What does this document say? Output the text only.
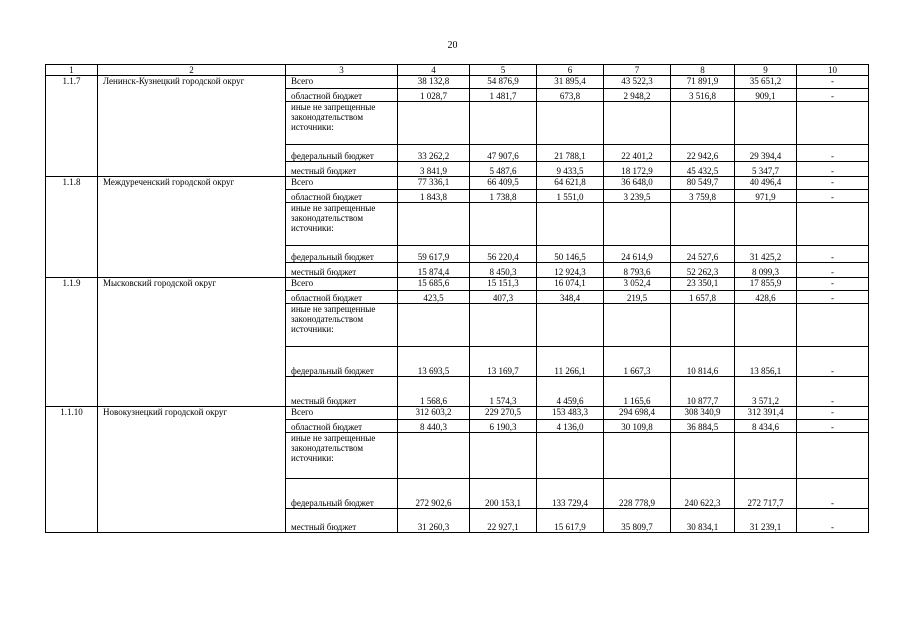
20
1	2	3	4	5	6	7	8	9	10
1.1.7	Ленинск-Кузнецкий городской округ	Всего	38 132,8	54 876,9	31 895,4	43 522,3	71 891,9	35 651,2	-
		областной бюджет	1 028,7	1 481,7	673,8	2 948,2	3 516,8	909,1	-
		иные не запрещенные законодательством источники:							
		федеральный бюджет	33 262,2	47 907,6	21 788,1	22 401,2	22 942,6	29 394,4	-
		местный бюджет	3 841,9	5 487,6	9 433,5	18 172,9	45 432,5	5 347,7	-
1.1.8	Междуреченский городской округ	Всего	77 336,1	66 409,5	64 621,8	36 648,0	80 549,7	40 496,4	-
		областной бюджет	1 843,8	1 738,8	1 551,0	3 239,5	3 759,8	971,9	-
		иные не запрещенные законодательством источники:							
		федеральный бюджет	59 617,9	56 220,4	50 146,5	24 614,9	24 527,6	31 425,2	-
		местный бюджет	15 874,4	8 450,3	12 924,3	8 793,6	52 262,3	8 099,3	-
1.1.9	Мысковский городской округ	Всего	15 685,6	15 151,3	16 074,1	3 052,4	23 350,1	17 855,9	-
		областной бюджет	423,5	407,3	348,4	219,5	1 657,8	428,6	-
		иные не запрещенные законодательством источники:							
		федеральный бюджет	13 693,5	13 169,7	11 266,1	1 667,3	10 814,6	13 856,1	-
		местный бюджет	1 568,6	1 574,3	4 459,6	1 165,6	10 877,7	3 571,2	-
1.1.10	Новокузнецкий городской округ	Всего	312 603,2	229 270,5	153 483,3	294 698,4	308 340,9	312 391,4	-
		областной бюджет	8 440,3	6 190,3	4 136,0	30 109,8	36 884,5	8 434,6	-
		иные не запрещенные законодательством источники:							
		федеральный бюджет	272 902,6	200 153,1	133 729,4	228 778,9	240 622,3	272 717,7	-
		местный бюджет	31 260,3	22 927,1	15 617,9	35 809,7	30 834,1	31 239,1	-
